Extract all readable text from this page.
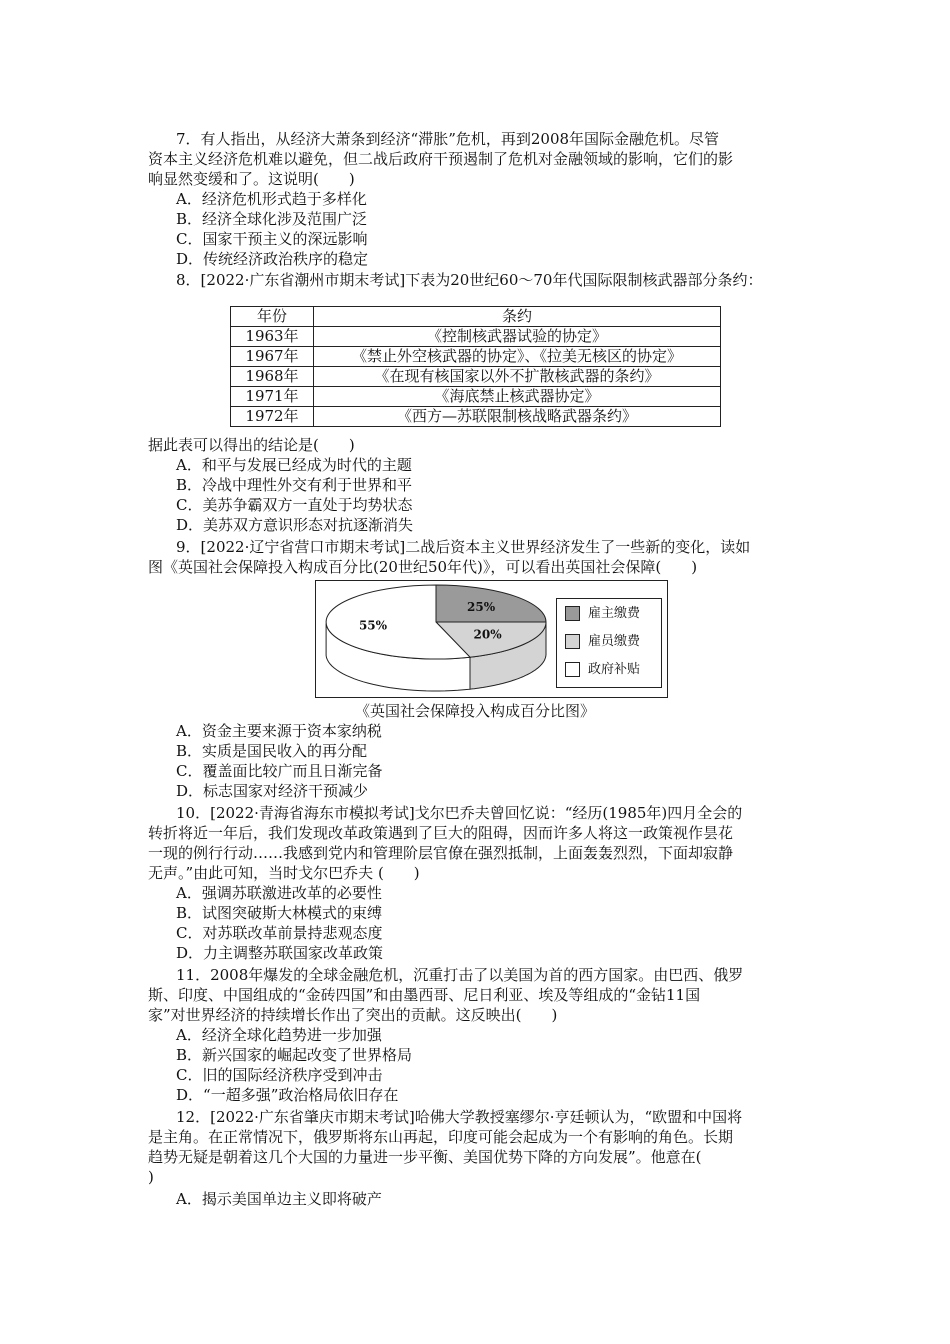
7．有人指出，从经济大萧条到经济“滞胀”危机，再到2008年国际金融危机。尽管
资本主义经济危机难以避免，但二战后政府干预遏制了危机对金融领域的影响，它们的影
响显然变缓和了。这说明(　　)
A．经济危机形式趋于多样化
B．经济全球化涉及范围广泛
C．国家干预主义的深远影响
D．传统经济政治秩序的稳定
8．[2022·广东省潮州市期末考试]下表为20世纪60～70年代国际限制核武器部分条约：
年份	条约
1963年	《控制核武器试验的协定》
1967年	《禁止外空核武器的协定》、《拉美无核区的协定》
1968年	《在现有核国家以外不扩散核武器的条约》
1971年	《海底禁止核武器协定》
1972年	《西方—苏联限制核战略武器条约》
据此表可以得出的结论是(　　)
A．和平与发展已经成为时代的主题
B．冷战中理性外交有利于世界和平
C．美苏争霸双方一直处于均势状态
D．美苏双方意识形态对抗逐渐消失
9．[2022·辽宁省营口市期末考试]二战后资本主义世界经济发生了一些新的变化，读如
图《英国社会保障投入构成百分比(20世纪50年代)》，可以看出英国社会保障(　　)
25%
20%
55%
雇主缴费
雇员缴费
政府补贴
《英国社会保障投入构成百分比图》
A．资金主要来源于资本家纳税
B．实质是国民收入的再分配
C．覆盖面比较广而且日渐完备
D．标志国家对经济干预减少
10．[2022·青海省海东市模拟考试]戈尔巴乔夫曾回忆说：“经历(1985年)四月全会的
转折将近一年后，我们发现改革政策遇到了巨大的阻碍，因而许多人将这一政策视作昙花
一现的例行行动……我感到党内和管理阶层官僚在强烈抵制，上面轰轰烈烈，下面却寂静
无声。”由此可知，当时戈尔巴乔夫 (　　)
A．强调苏联激进改革的必要性
B．试图突破斯大林模式的束缚
C．对苏联改革前景持悲观态度
D．力主调整苏联国家改革政策
11．2008年爆发的全球金融危机，沉重打击了以美国为首的西方国家。由巴西、俄罗
斯、印度、中国组成的“金砖四国”和由墨西哥、尼日利亚、埃及等组成的“金钻11国
家”对世界经济的持续增长作出了突出的贡献。这反映出(　　)
A．经济全球化趋势进一步加强
B．新兴国家的崛起改变了世界格局
C．旧的国际经济秩序受到冲击
D．“一超多强”政治格局依旧存在
12．[2022·广东省肇庆市期末考试]哈佛大学教授塞缪尔·亨廷顿认为，“欧盟和中国将
是主角。在正常情况下，俄罗斯将东山再起，印度可能会起成为一个有影响的角色。长期
趋势无疑是朝着这几个大国的力量进一步平衡、美国优势下降的方向发展”。他意在(
)
A．揭示美国单边主义即将破产
